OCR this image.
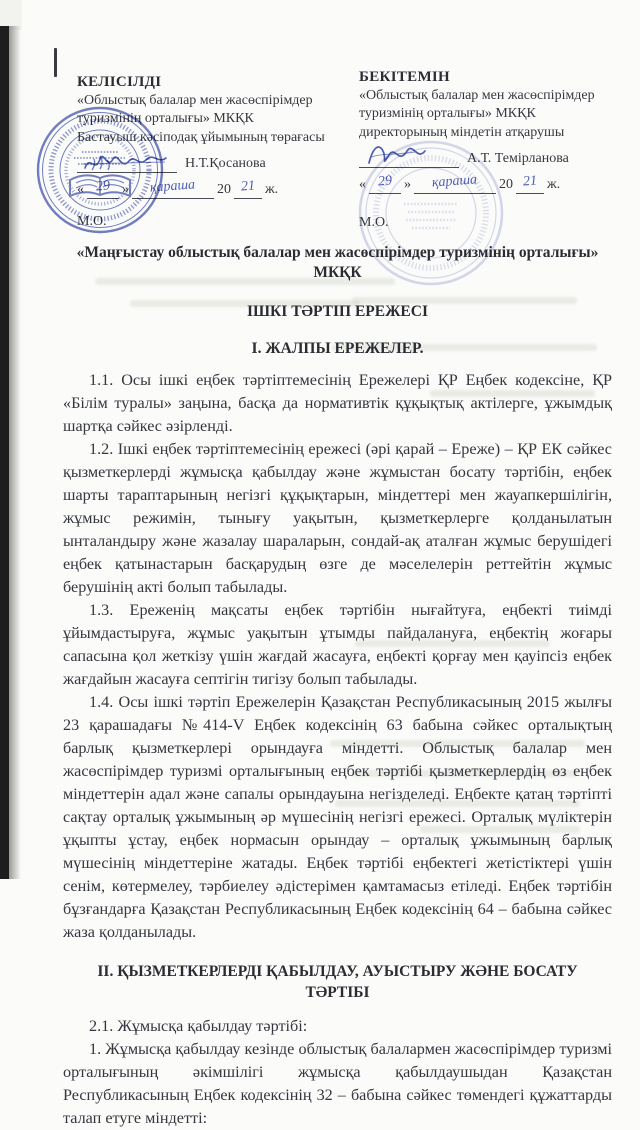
КЕЛІСІЛДІ
«Облыстық балалар мен жасөспірімдер
туризмінің орталығы» МКҚК
Бастауыш кәсіподақ ұйымының төрағасы
Н.Т.Қосанова
« 29 »	қараша	20 21 ж.
М.О.
БЕКІТЕМІН
«Облыстық балалар мен жасөспірімдер
туризмінің орталығы» МКҚК
директорының міндетін атқарушы
А.Т. Темірланова
« 29 »	қараша	20 21 ж.
М.О.
«Маңғыстау облыстық балалар мен жасөспірімдер туризмінің орталығы»
МКҚК
ІШКІ ТӘРТІП ЕРЕЖЕСІ
I. ЖАЛПЫ ЕРЕЖЕЛЕР.

1.1. Осы ішкі еңбек тәртіптемесінің Ережелері ҚР Еңбек кодексіне, ҚР «Білім туралы» заңына, басқа да нормативтік құқықтық актілерге, ұжымдық шартқа сәйкес әзірленді.

1.2. Ішкі еңбек тәртіптемесінің ережесі (әрі қарай – Ереже) – ҚР ЕК сәйкес қызметкерлерді жұмысқа қабылдау және жұмыстан босату тәртібін, еңбек шарты тараптарының негізгі құқықтарын, міндеттері мен жауапкершілігін, жұмыс режимін, тынығу уақытын, қызметкерлерге қолданылатын ынталандыру және жазалау шараларын, сондай-ақ аталған жұмыс берушідегі еңбек қатынастарын басқарудың өзге де мәселелерін реттейтін жұмыс берушінің акті болып табылады.

1.3. Ереженің мақсаты еңбек тәртібін нығайтуға, еңбекті тиімді ұйымдастыруға, жұмыс уақытын ұтымды пайдалануға, еңбектің жоғары сапасына қол жеткізу үшін жағдай жасауға, еңбекті қорғау мен қауіпсіз еңбек жағдайын жасауға септігін тигізу болып табылады.

1.4. Осы ішкі тәртіп Ережелерін Қазақстан Республикасының 2015 жылғы 23 қарашадағы №414-V Еңбек кодексінің 63 бабына сәйкес орталықтың барлық қызметкерлері орындауға міндетті. Облыстық балалар мен жасөспірімдер туризмі орталығының еңбек тәртібі қызметкерлердің өз еңбек міндеттерін адал және сапалы орындауына негізделеді. Еңбекте қатаң тәртіпті сақтау орталық ұжымының әр мүшесінің негізгі ережесі. Орталық мүліктерін ұқыпты ұстау, еңбек нормасын орындау – орталық ұжымының барлық мүшесінің міндеттеріне жатады. Еңбек тәртібі еңбектегі жетістіктері үшін сенім, көтермелеу, тәрбиелеу әдістерімен қамтамасыз етіледі. Еңбек тәртібін бұзғандарға Қазақстан Республикасының Еңбек кодексінің 64 – бабына сәйкес жаза қолданылады.

II. ҚЫЗМЕТКЕРЛЕРДІ ҚАБЫЛДАУ, АУЫСТЫРУ ЖӘНЕ БОСАТУ
ТӘРТІБІ

2.1. Жұмысқа қабылдау тәртібі:

1. Жұмысқа қабылдау кезінде облыстық балалармен жасөспірімдер туризмі орталығының әкімшілігі жұмысқа қабылдаушыдан Қазақстан Республикасының Еңбек кодексінің 32 – бабына сәйкес төмендегі құжаттарды талап етуге міндетті:
